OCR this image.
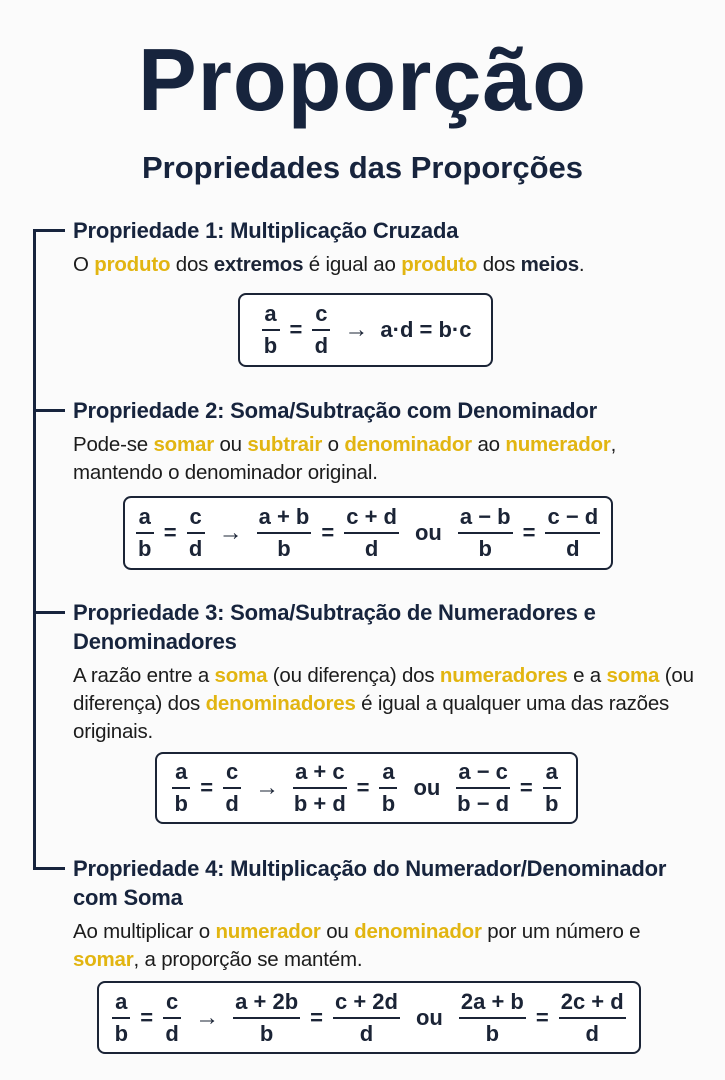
Proporção
Propriedades das Proporções
Propriedade 1: Multiplicação Cruzada
O produto dos extremos é igual ao produto dos meios.
$\frac{a}{b} = \frac{c}{d} \to a\cdot d = b\cdot c$
Propriedade 2: Soma/Subtração com Denominador
Pode-se somar ou subtrair o denominador ao numerador, mantendo o denominador original.
$\frac{a}{b} = \frac{c}{d} \to \frac{a + b}{b} = \frac{c + d}{d}$ ou $\frac{a - b}{b} = \frac{c - d}{d}$
Propriedade 3: Soma/Subtração de Numeradores e Denominadores
A razão entre a soma (ou diferença) dos numeradores e a soma (ou diferença) dos denominadores é igual a qualquer uma das razões originais.
$\frac{a}{b} = \frac{c}{d} \to \frac{a + c}{b + d} = \frac{a}{b}$ ou $\frac{a - c}{b - d} = \frac{a}{b}$
Propriedade 4: Multiplicação do Numerador/Denominador com Soma
Ao multiplicar o numerador ou denominador por um número e somar, a proporção se mantém.
$\frac{a}{b} = \frac{c}{d} \to \frac{a + 2b}{b} = \frac{c + 2d}{d}$ ou $\frac{2a + b}{b} = \frac{2c + d}{d}$
